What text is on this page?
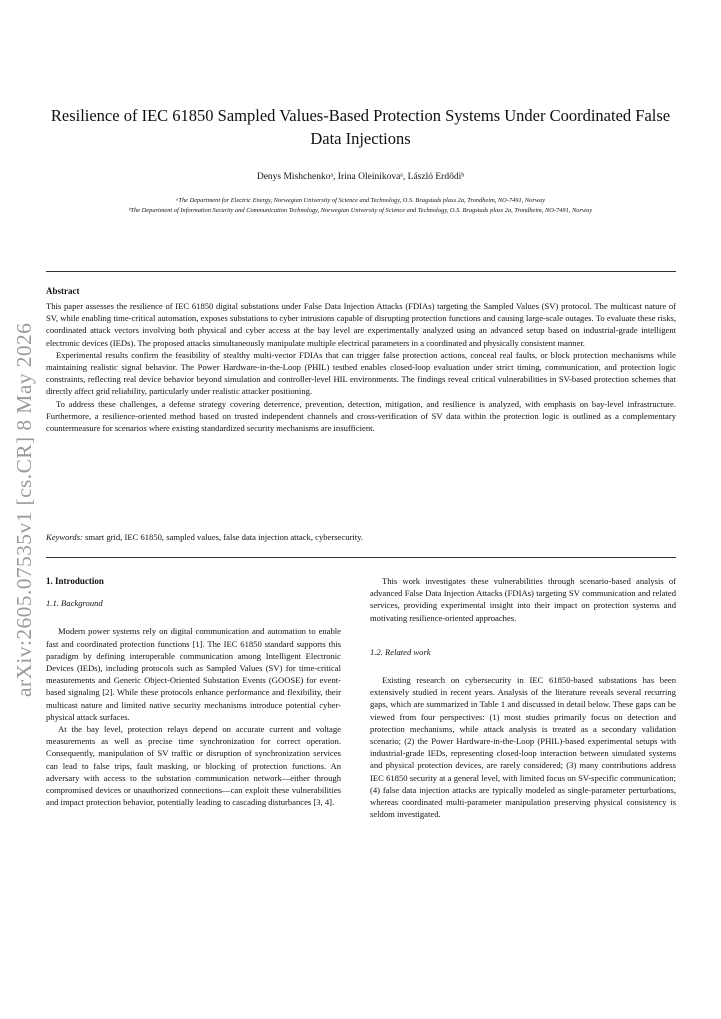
arXiv:2605.07535v1 [cs.CR] 8 May 2026
Resilience of IEC 61850 Sampled Values-Based Protection Systems Under Coordinated False Data Injections
Denys Mishchenkoᵃ, Irina Oleinikovaᵃ, László Erdődiᵇ
ᵃThe Department for Electric Energy, Norwegian University of Science and Technology, O.S. Bragstads plass 2a, Trondheim, NO-7491, Norway
ᵇThe Department of Information Security and Communication Technology, Norwegian University of Science and Technology, O.S. Bragstads plass 2a, Trondheim, NO-7491, Norway
Abstract

This paper assesses the resilience of IEC 61850 digital substations under False Data Injection Attacks (FDIAs) targeting the Sampled Values (SV) protocol. The multicast nature of SV, while enabling time-critical automation, exposes substations to cyber intrusions capable of disrupting protection functions and causing large-scale outages. To evaluate these risks, coordinated attack vectors involving both physical and cyber access at the bay level are experimentally analyzed using an advanced setup based on industrial-grade intelligent electronic devices (IEDs). The proposed attacks simultaneously manipulate multiple electrical parameters in a coordinated and physically consistent manner.

Experimental results confirm the feasibility of stealthy multi-vector FDIAs that can trigger false protection actions, conceal real faults, or block protection mechanisms while maintaining realistic signal behavior. The Power Hardware-in-the-Loop (PHIL) testbed enables closed-loop evaluation under strict timing, communication, and protection logic constraints, reflecting real device behavior beyond simulation and controller-level HIL environments. The findings reveal critical vulnerabilities in SV-based protection schemes that directly affect grid reliability, particularly under realistic attacker positioning.

To address these challenges, a defense strategy covering deterrence, prevention, detection, mitigation, and resilience is analyzed, with emphasis on bay-level infrastructure. Furthermore, a resilience-oriented method based on trusted independent channels and cross-verification of SV data within the protection logic is outlined as a complementary countermeasure for scenarios where existing standardized security mechanisms are insufficient.

Keywords: smart grid, IEC 61850, sampled values, false data injection attack, cybersecurity.
1. Introduction
1.1. Background

Modern power systems rely on digital communication and automation to enable fast and coordinated protection functions [1]. The IEC 61850 standard supports this paradigm by defining interoperable communication among Intelligent Electronic Devices (IEDs), including protocols such as Sampled Values (SV) for time-critical measurements and Generic Object-Oriented Substation Events (GOOSE) for event-based signaling [2]. While these protocols enhance performance and flexibility, their multicast nature and limited native security mechanisms introduce potential cyber-physical attack surfaces.

At the bay level, protection relays depend on accurate current and voltage measurements as well as precise time synchronization for correct operation. Consequently, manipulation of SV traffic or disruption of synchronization services can lead to false trips, fault masking, or blocking of protection functions. An adversary with access to the substation communication network—either through compromised devices or unauthorized connections—can exploit these vulnerabilities and impact protection behavior, potentially leading to cascading disturbances [3, 4].

This work investigates these vulnerabilities through scenario-based analysis of advanced False Data Injection Attacks (FDIAs) targeting SV communication and related services, providing experimental insight into their impact on protection systems and motivating resilience-oriented approaches.

1.2. Related work

Existing research on cybersecurity in IEC 61850-based substations has been extensively studied in recent years. Analysis of the literature reveals several recurring gaps, which are summarized in Table 1 and discussed in detail below. These gaps can be viewed from four perspectives: (1) most studies primarily focus on detection and protection mechanisms, while attack analysis is treated as a secondary validation scenario; (2) the Power Hardware-in-the-Loop (PHIL)-based experimental setups with industrial-grade IEDs, representing closed-loop interaction between simulated systems and physical protection devices, are rarely considered; (3) many contributions address IEC 61850 security at a general level, with limited focus on SV-specific communication; (4) false data injection attacks are typically modeled as single-parameter perturbations, whereas coordinated multi-parameter manipulation preserving physical consistency is seldom investigated.
